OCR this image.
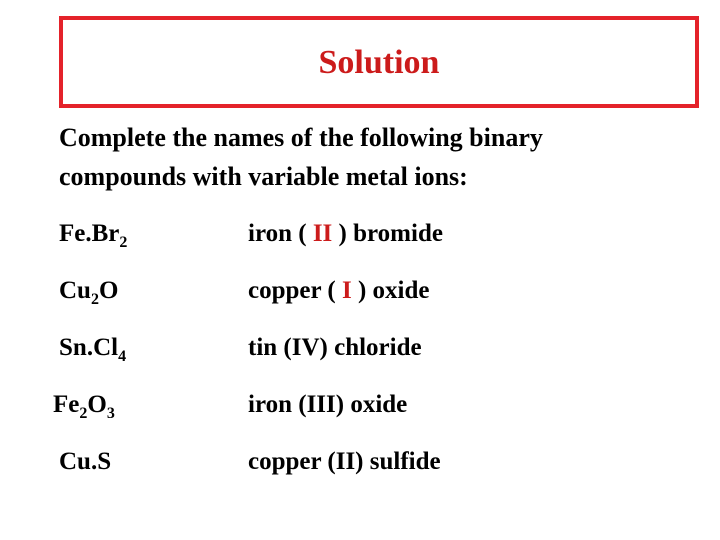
Solution

Complete the names of the following binary
compounds with variable metal ions:

$Fe.Br_2$	iron ( II ) bromide
$Cu_2O$	copper ( I ) oxide
$Sn.Cl_4$	tin (IV) chloride
$Fe_2O_3$	iron (III) oxide
Cu.S	copper (II) sulfide
